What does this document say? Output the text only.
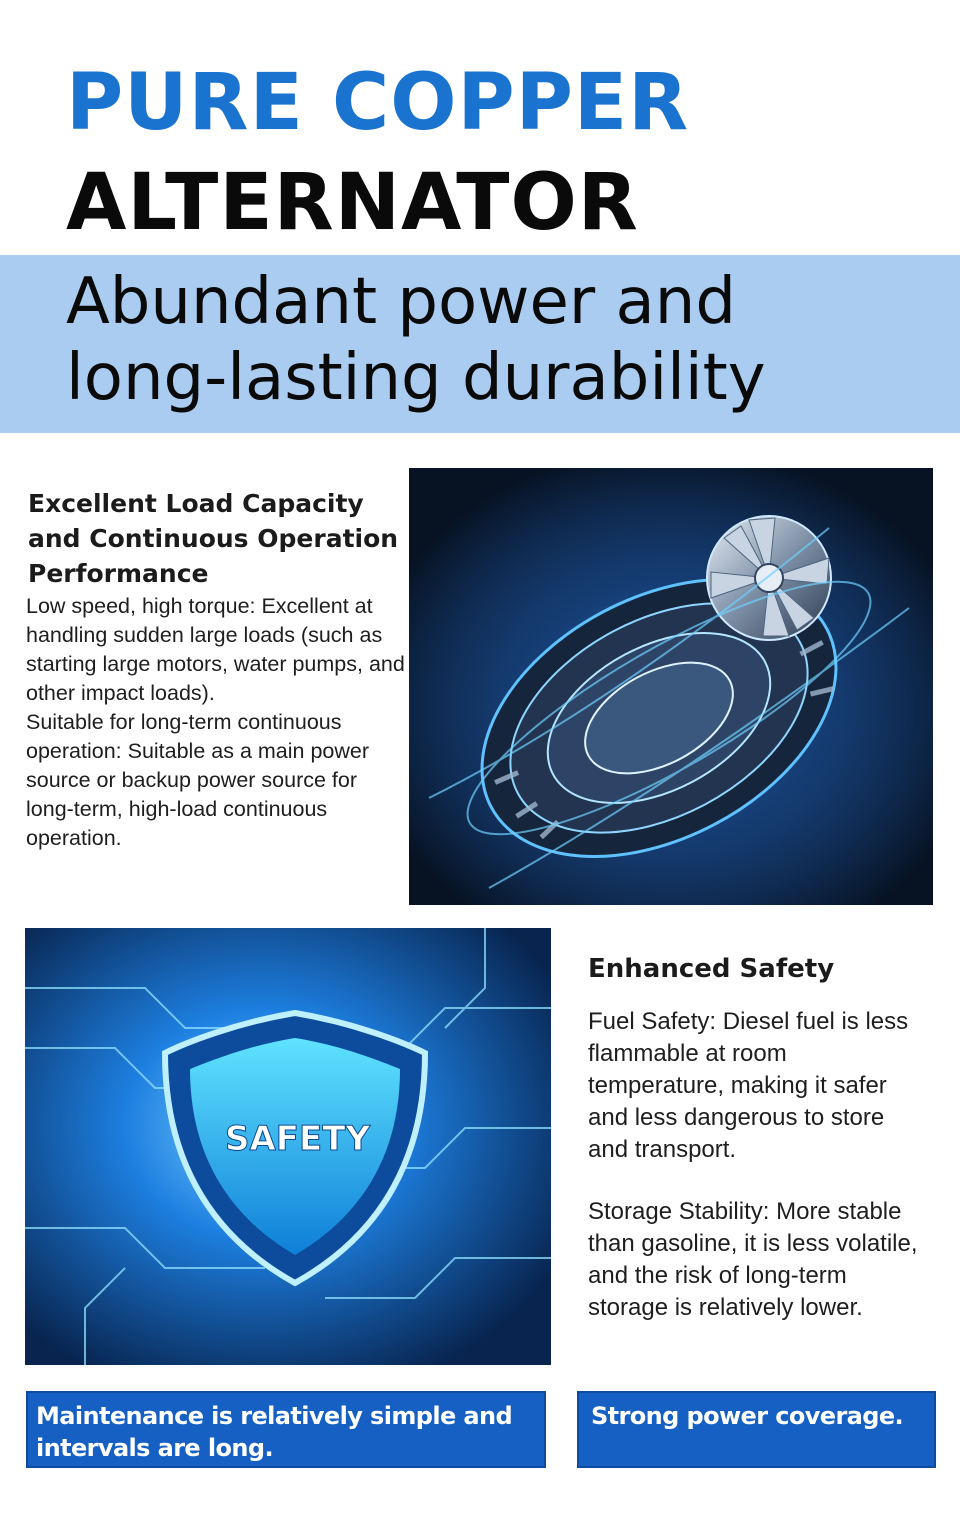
PURE COPPER
ALTERNATOR
Abundant power and
long-lasting durability
Excellent Load Capacity and Continuous Operation Performance

Low speed, high torque: Excellent at handling sudden large loads (such as starting large motors, water pumps, and other impact loads).

Suitable for long-term continuous operation: Suitable as a main power source or backup power source for long-term, high-load continuous operation.

SAFETY
Enhanced Safety

Fuel Safety: Diesel fuel is less flammable at room temperature, making it safer and less dangerous to store and transport.

Storage Stability: More stable than gasoline, it is less volatile, and the risk of long-term storage is relatively lower.

Maintenance is relatively simple and intervals are long.
Strong power coverage.
